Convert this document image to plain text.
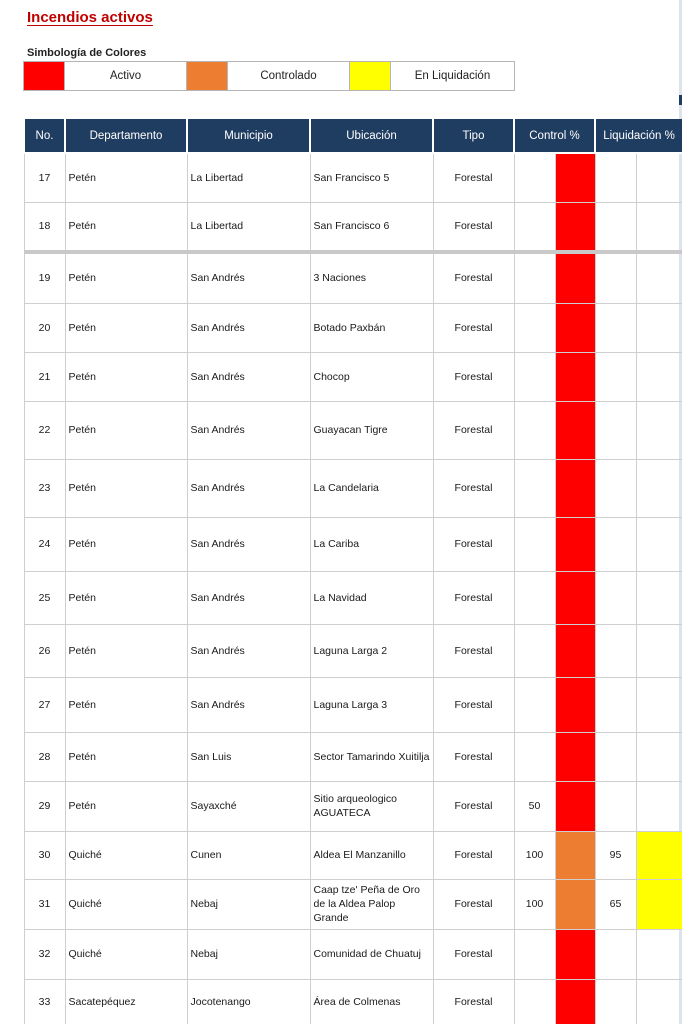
Incendios activos
Simbología de Colores
Activo	Controlado	En Liquidación
No.	Departamento	Municipio	Ubicación	Tipo	Control %		Liquidación %	
17	Petén	La Libertad	San Francisco 5	Forestal				
18	Petén	La Libertad	San Francisco 6	Forestal				
19	Petén	San Andrés	3 Naciones	Forestal				
20	Petén	San Andrés	Botado Paxbán	Forestal				
21	Petén	San Andrés	Chocop	Forestal				
22	Petén	San Andrés	Guayacan Tigre	Forestal				
23	Petén	San Andrés	La Candelaria	Forestal				
24	Petén	San Andrés	La Cariba	Forestal				
25	Petén	San Andrés	La Navidad	Forestal				
26	Petén	San Andrés	Laguna Larga 2	Forestal				
27	Petén	San Andrés	Laguna Larga 3	Forestal				
28	Petén	San Luis	Sector Tamarindo Xuitilja	Forestal				
29	Petén	Sayaxché	Sitio arqueologico AGUATECA	Forestal	50			
30	Quiché	Cunen	Aldea El Manzanillo	Forestal	100		95	
31	Quiché	Nebaj	Caap tze' Peña de Oro de la Aldea Palop Grande	Forestal	100		65	
32	Quiché	Nebaj	Comunidad de Chuatuj	Forestal				
33	Sacatepéquez	Jocotenango	Área de Colmenas	Forestal				
